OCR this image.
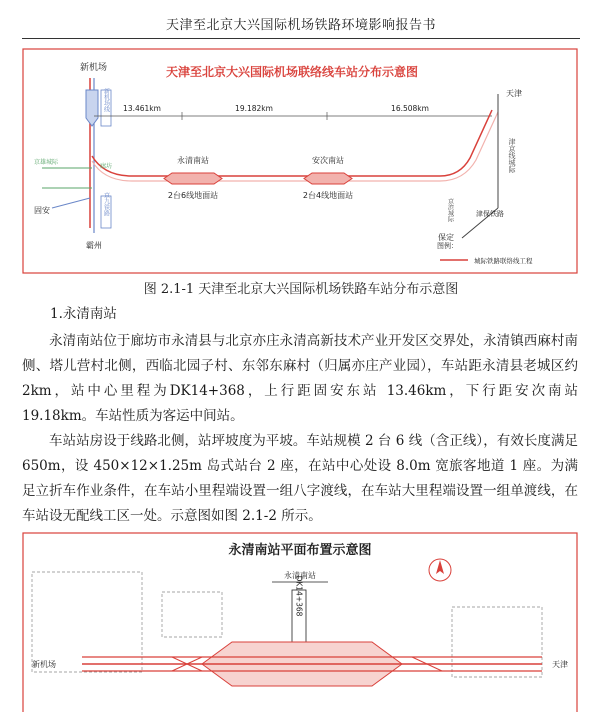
天津至北京大兴国际机场铁路环境影响报告书
天津至北京大兴国际机场联络线车站分布示意图
新机场
新机场线
京九铁路
13.461km	19.182km	16.508km
京雄城际
廊坊
固安
霸州
永清南站
2台6线地面站
安次南站
2台4线地面站
天津
京滨城际
津京线城际
津保铁路
保定
图例：
城际铁路联络线工程
图 2.1-1 天津至北京大兴国际机场铁路车站分布示意图
1.永清南站
永清南站位于廊坊市永清县与北京亦庄永清高新技术产业开发区交界处，永清镇西麻村南侧、塔儿营村北侧，西临北园子村、东邻东麻村（归属亦庄产业园），车站距永清县老城区约 2km，站中心里程为DK14+368，上行距固安东站 13.46km，下行距安次南站 19.18km。车站性质为客运中间站。
车站站房设于线路北侧，站坪坡度为平坡。车站规模 2 台 6 线（含正线），有效长度满足 650m，设 450×12×1.25m 岛式站台 2 座，在站中心处设 8.0m 宽旅客地道 1 座。为满足立折车作业条件，在车站小里程端设置一组八字渡线，在车站大里程端设置一组单渡线，在车站设无配线工区一处。示意图如图 2.1-2 所示。
永清南站平面布置示意图
永清南站
DK14+368
新机场	天津
